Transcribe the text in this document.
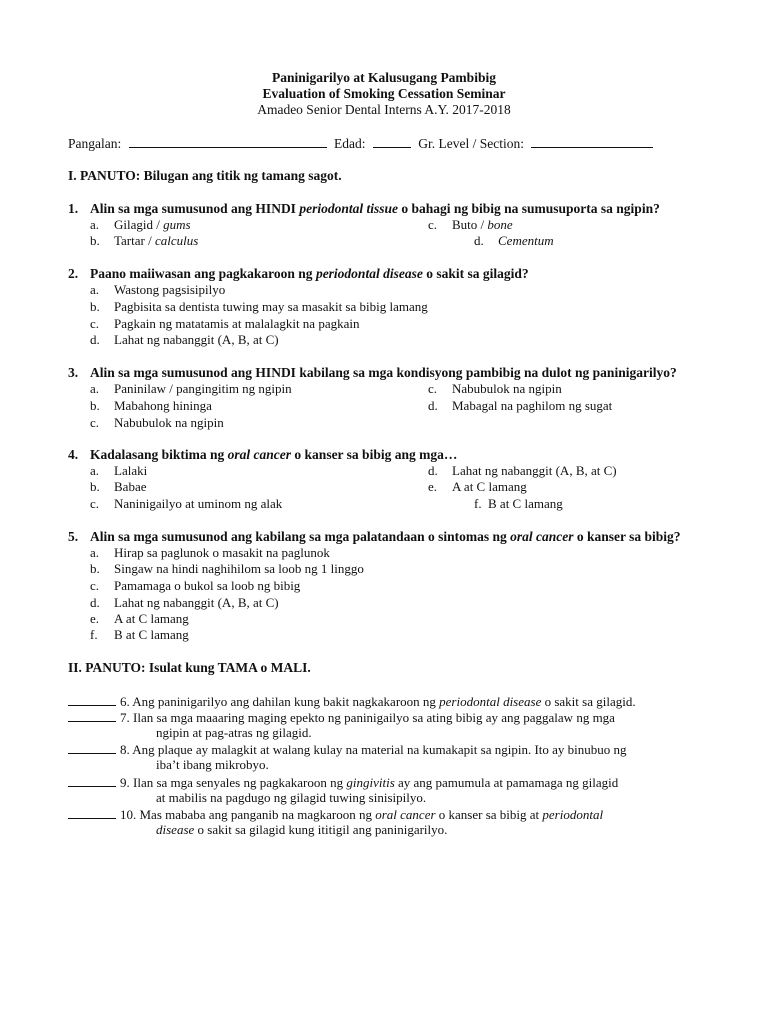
Paninigarilyo at Kalusugang Pambibig
Evaluation of Smoking Cessation Seminar
Amadeo Senior Dental Interns A.Y. 2017-2018
Pangalan:	Edad:	Gr. Level / Section:
I. PANUTO: Bilugan ang titik ng tamang sagot.
1. Alin sa mga sumusunod ang HINDI periodontal tissue o bahagi ng bibig na sumusuporta sa ngipin?
a. Gilagid / gums
b. Tartar / calculus
c. Buto / bone
d. Cementum
2. Paano maiiwasan ang pagkakaroon ng periodontal disease o sakit sa gilagid?
a. Wastong pagsisipilyo
b. Pagbisita sa dentista tuwing may sa masakit sa bibig lamang
c. Pagkain ng matatamis at malalagkit na pagkain
d. Lahat ng nabanggit (A, B, at C)
3. Alin sa mga sumusunod ang HINDI kabilang sa mga kondisyong pambibig na dulot ng paninigarilyo?
a. Paninilaw / pangingitim ng ngipin
b. Mabahong hininga
c. Nabubulok na ngipin
c. Nabubulok na ngipin
d. Mabagal na paghilom ng sugat
4. Kadalasang biktima ng oral cancer o kanser sa bibig ang mga…
a. Lalaki
b. Babae
c. Naninigailyo at uminom ng alak
d. Lahat ng nabanggit (A, B, at C)
e. A at C lamang
f. B at C lamang
5. Alin sa mga sumusunod ang kabilang sa mga palatandaan o sintomas ng oral cancer o kanser sa bibig?
a. Hirap sa paglunok o masakit na paglunok
b. Singaw na hindi naghihilom sa loob ng 1 linggo
c. Pamamaga o bukol sa loob ng bibig
d. Lahat ng nabanggit (A, B, at C)
e. A at C lamang
f. B at C lamang
II. PANUTO: Isulat kung TAMA o MALI.
6. Ang paninigarilyo ang dahilan kung bakit nagkakaroon ng periodontal disease o sakit sa gilagid.
7. Ilan sa mga maaaring maging epekto ng paninigailyo sa ating bibig ay ang paggalaw ng mga
ngipin at pag-atras ng gilagid.
8. Ang plaque ay malagkit at walang kulay na material na kumakapit sa ngipin. Ito ay binubuo ng
iba’t ibang mikrobyo.
9. Ilan sa mga senyales ng pagkakaroon ng gingivitis ay ang pamumula at pamamaga ng gilagid
at mabilis na pagdugo ng gilagid tuwing sinisipilyo.
10. Mas mababa ang panganib na magkaroon ng oral cancer o kanser sa bibig at periodontal
disease o sakit sa gilagid kung ititigil ang paninigarilyo.
